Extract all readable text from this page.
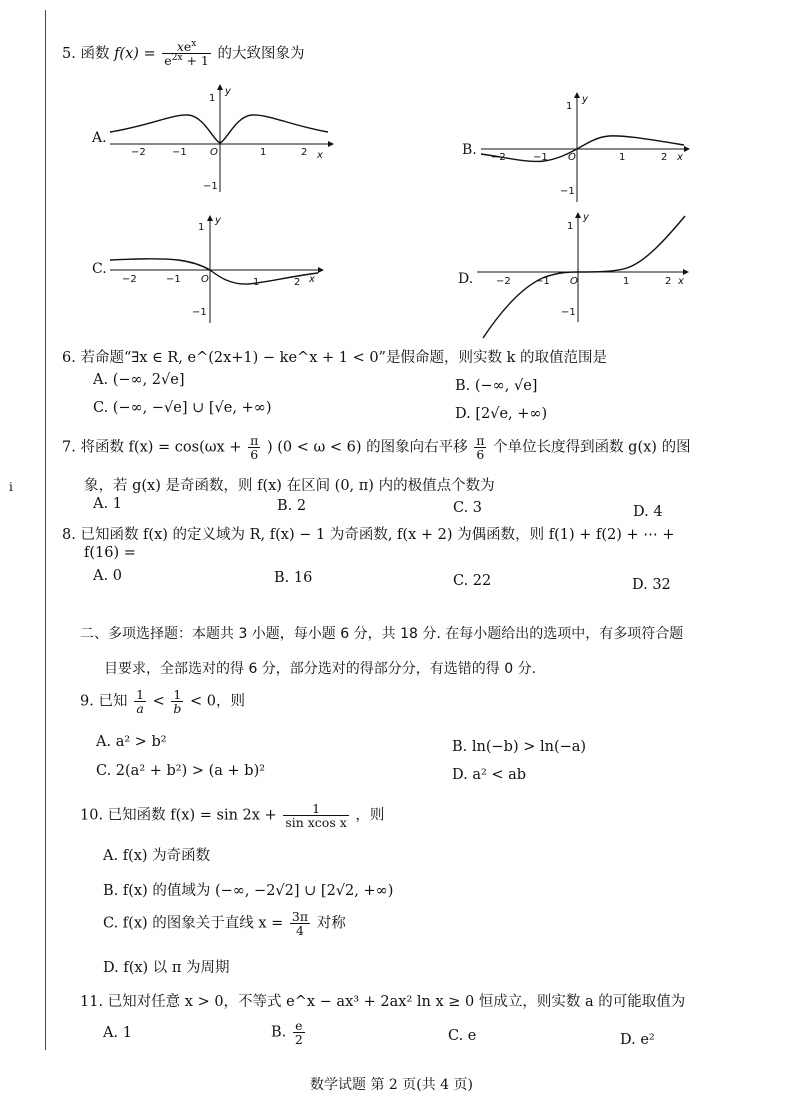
i
5. 函数 $f(x) = \frac{xe^x}{e^{2x} + 1}$ 的大致图象为
A.
y
x
1
−1
O
−2	−1	1	2	B.
y
x
1
−1
O
−2	−1	1	2
C.
y
x
1
−1
O
−2	−1	1	2	D.
y
x
1
−1
O
−2 −1	1	2
6. 若命题“∃x ∈ R, e^(2x+1) − ke^x + 1 < 0”是假命题，则实数 k 的取值范围是
A. (−∞, 2√e]	B. (−∞, √e]
C. (−∞, −√e] ∪ [√e, +∞)	D. [2√e, +∞)
7. 将函数 $f(x) = \cos(\omega x + \frac{\pi}{6}$ ) (0 < ω < 6) 的图象向右平移 $\frac{\pi}{6}$ 个单位长度得到函数 g(x) 的图
象，若 g(x) 是奇函数，则 f(x) 在区间 (0, π) 内的极值点个数为
A. 1	B. 2	C. 3	D. 4
8. 已知函数 f(x) 的定义域为 R, f(x) − 1 为奇函数, f(x + 2) 为偶函数，则 f(1) + f(2) + ⋯ +
f(16) =
A. 0	B. 16	C. 22	D. 32
二、多项选择题：本题共 3 小题，每小题 6 分，共 18 分. 在每小题给出的选项中，有多项符合题
目要求，全部选对的得 6 分，部分选对的得部分分，有选错的得 0 分.
9. 已知 $\frac{1}{a} < \frac{1}{b} < 0$，则
A. a² > b²	B. ln(−b) > ln(−a)
C. 2(a² + b²) > (a + b)²	D. a² < ab
10. 已知函数 $f(x) = \sin 2x + \frac{1}{\text{sin xcos x}}$ ，则
A. f(x) 为奇函数
B. f(x) 的值域为 (−∞, −2√2] ∪ [2√2, +∞)
C. f(x) 的图象关于直线 $x = \frac{3\pi}{4}$ 对称
D. f(x) 以 π 为周期
11. 已知对任意 x > 0，不等式 e^x − ax³ + 2ax² ln x ≥ 0 恒成立，则实数 a 的可能取值为
A. 1	B. $\frac{e}{2}$	C. e	D. e²
数学试题 第 2 页(共 4 页)
